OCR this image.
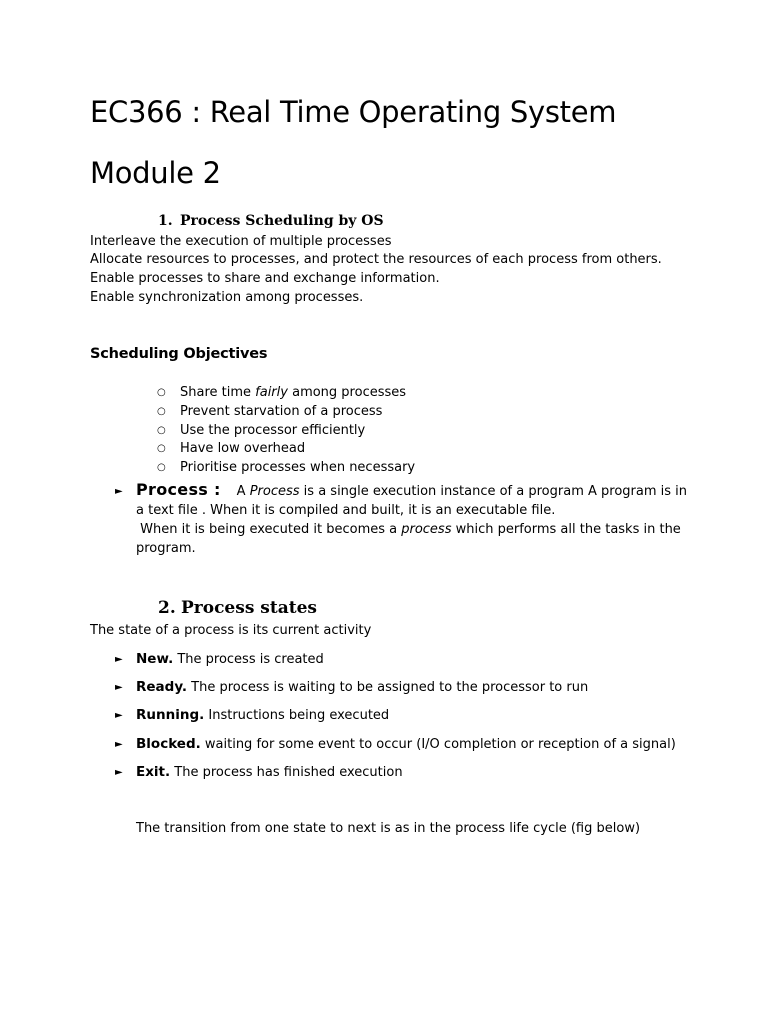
EC366 : Real Time Operating System
Module 2
1. Process Scheduling by OS
Interleave the execution of multiple processes
Allocate resources to processes, and protect the resources of each process from others.
Enable processes to share and exchange information.
Enable synchronization among processes.
Scheduling Objectives
○ Share time fairly among processes
○ Prevent starvation of a process
○ Use the processor efficiently
○ Have low overhead
○ Prioritise processes when necessary
► Process : A Process is a single execution instance of a program A program is in a text file . When it is compiled and built, it is an executable file.
When it is being executed it becomes a process which performs all the tasks in the program.
2. Process states
The state of a process is its current activity
► New. The process is created
► Ready. The process is waiting to be assigned to the processor to run
► Running. Instructions being executed
► Blocked. waiting for some event to occur (I/O completion or reception of a signal)
► Exit. The process has finished execution
The transition from one state to next is as in the process life cycle (fig below)
